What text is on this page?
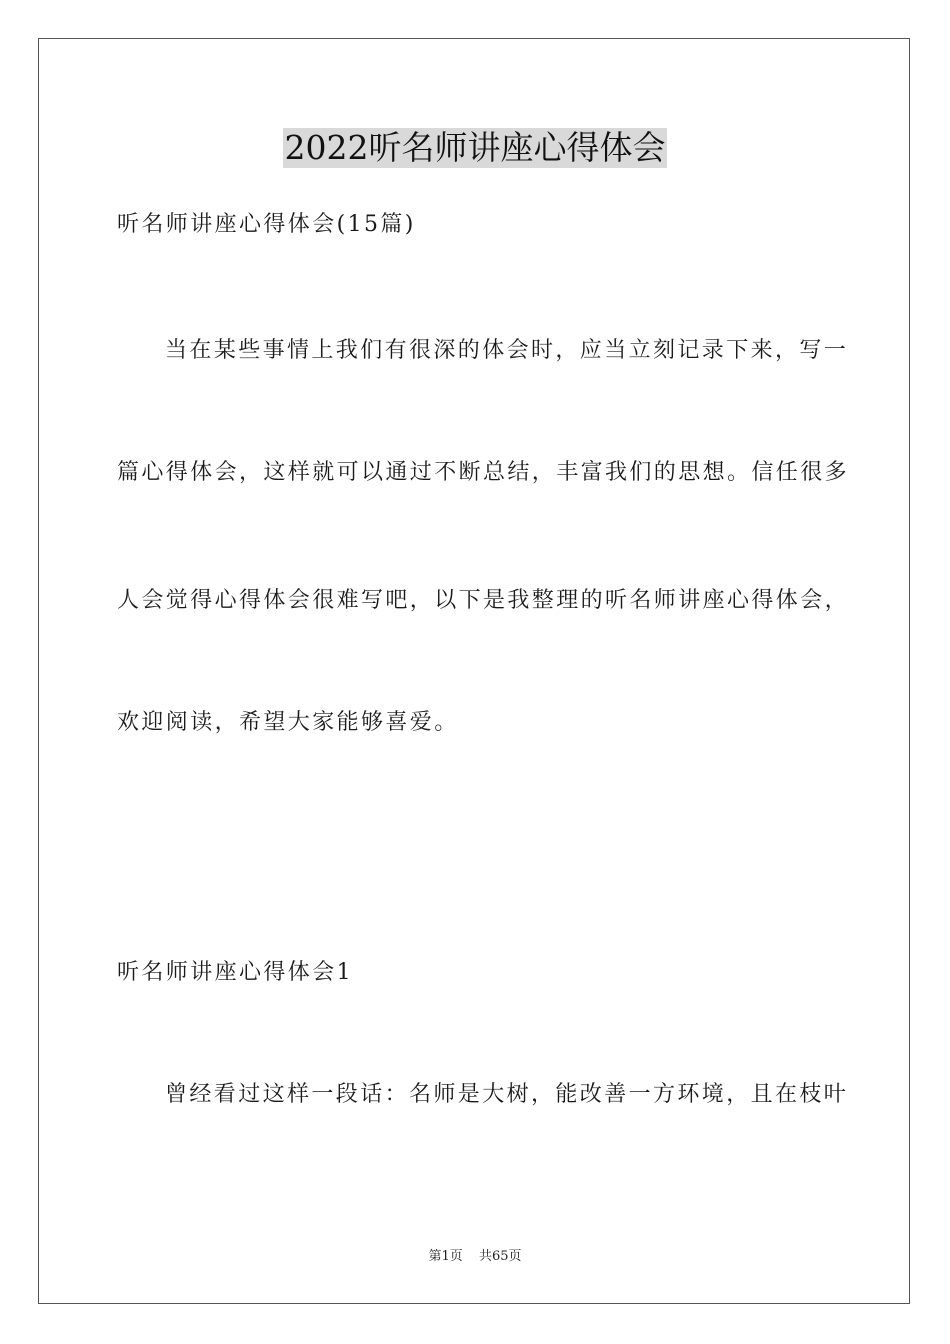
2022听名师讲座心得体会
听名师讲座心得体会(15篇)
当在某些事情上我们有很深的体会时，应当立刻记录下来，写一
篇心得体会，这样就可以通过不断总结，丰富我们的思想。信任很多
人会觉得心得体会很难写吧，以下是我整理的听名师讲座心得体会，
欢迎阅读，希望大家能够喜爱。
听名师讲座心得体会1
曾经看过这样一段话：名师是大树，能改善一方环境，且在枝叶
第1页 共65页
